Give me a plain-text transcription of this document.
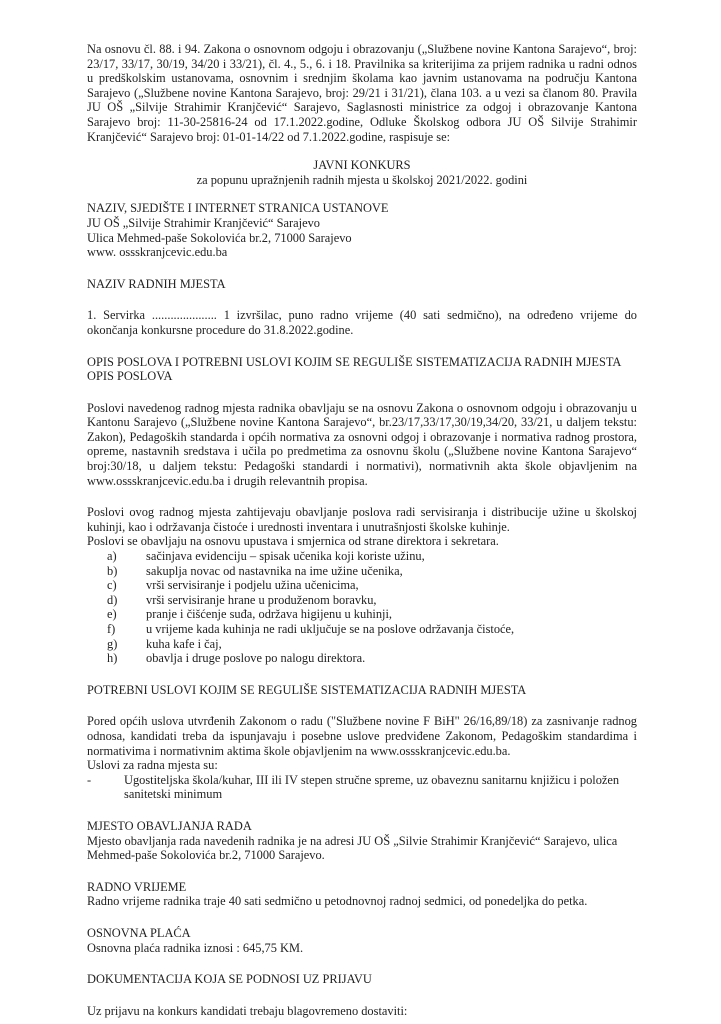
Na osnovu čl. 88. i 94. Zakona o osnovnom odgoju i obrazovanju („Službene novine Kantona Sarajevo“, broj: 23/17, 33/17, 30/19, 34/20 i 33/21), čl. 4., 5., 6. i 18. Pravilnika sa kriterijima za prijem radnika u radni odnos u predškolskim ustanovama, osnovnim i srednjim školama kao javnim ustanovama na području Kantona Sarajevo („Službene novine Kantona Sarajevo, broj: 29/21 i 31/21), člana 103. a u vezi sa članom 80. Pravila JU OŠ „Silvije Strahimir Kranjčević“ Sarajevo, Saglasnosti ministrice za odgoj i obrazovanje Kantona Sarajevo broj: 11-30-25816-24 od 17.1.2022.godine, Odluke Školskog odbora JU OŠ Silvije Strahimir Kranjčević“ Sarajevo broj: 01-01-14/22 od 7.1.2022.godine, raspisuje se:

JAVNI KONKURS

za popunu upražnjenih radnih mjesta u školskoj 2021/2022. godini

NAZIV, SJEDIŠTE I INTERNET STRANICA USTANOVE

JU OŠ „Silvije Strahimir Kranjčević“ Sarajevo

Ulica Mehmed-paše Sokolovića br.2, 71000 Sarajevo

www. ossskranjcevic.edu.ba

NAZIV RADNIH MJESTA

1. Servirka ..................... 1 izvršilac, puno radno vrijeme (40 sati sedmično), na određeno vrijeme do okončanja konkursne procedure do 31.8.2022.godine.

OPIS POSLOVA I POTREBNI USLOVI KOJIM SE REGULIŠE SISTEMATIZACIJA RADNIH MJESTA

OPIS POSLOVA

Poslovi navedenog radnog mjesta radnika obavljaju se na osnovu Zakona o osnovnom odgoju i obrazovanju u Kantonu Sarajevo („Službene novine Kantona Sarajevo“, br.23/17,33/17,30/19,34/20, 33/21, u daljem tekstu: Zakon), Pedagoških standarda i općih normativa za osnovni odgoj i obrazovanje i normativa radnog prostora, opreme, nastavnih sredstava i učila po predmetima za osnovnu školu („Službene novine Kantona Sarajevo“ broj:30/18, u daljem tekstu: Pedagoški standardi i normativi), normativnih akta škole objavljenim na www.ossskranjcevic.edu.ba i drugih relevantnih propisa.

Poslovi ovog radnog mjesta zahtijevaju obavljanje poslova radi servisiranja i distribucije užine u školskoj kuhinji, kao i održavanja čistoće i urednosti inventara i unutrašnjosti školske kuhinje.

Poslovi se obavljaju na osnovu upustava i smjernica od strane direktora i sekretara.

a)	sačinjava evidenciju – spisak učenika koji koriste užinu,
b)	sakuplja novac od nastavnika na ime užine učenika,
c)	vrši servisiranje i podjelu užina učenicima,
d)	vrši servisiranje hrane u produženom boravku,
e)	pranje i čišćenje suđa, održava higijenu u kuhinji,
f)	u vrijeme kada kuhinja ne radi uključuje se na poslove održavanja čistoće,
g)	kuha kafe i čaj,
h)	obavlja i druge poslove po nalogu direktora.

POTREBNI USLOVI KOJIM SE REGULIŠE SISTEMATIZACIJA RADNIH MJESTA

Pored općih uslova utvrđenih Zakonom o radu ("Službene novine F BiH" 26/16,89/18) za zasnivanje radnog odnosa, kandidati treba da ispunjavaju i posebne uslove predviđene Zakonom, Pedagoškim standardima i normativima i normativnim aktima škole objavljenim na www.ossskranjcevic.edu.ba.

Uslovi za radna mjesta su:

-	Ugostiteljska škola/kuhar, III ili IV stepen stručne spreme, uz obaveznu sanitarnu knjižicu i položen sanitetski minimum

MJESTO OBAVLJANJA RADA

Mjesto obavljanja rada navedenih radnika je na adresi JU OŠ „Silvie Strahimir Kranjčević“ Sarajevo, ulica Mehmed-paše Sokolovića br.2, 71000 Sarajevo.

RADNO VRIJEME

Radno vrijeme radnika traje 40 sati sedmično u petodnovnoj radnoj sedmici, od ponedeljka do petka.

OSNOVNA PLAĆA

Osnovna plaća radnika iznosi : 645,75 KM.

DOKUMENTACIJA KOJA SE PODNOSI UZ PRIJAVU

Uz prijavu na konkurs kandidati trebaju blagovremeno dostaviti:
